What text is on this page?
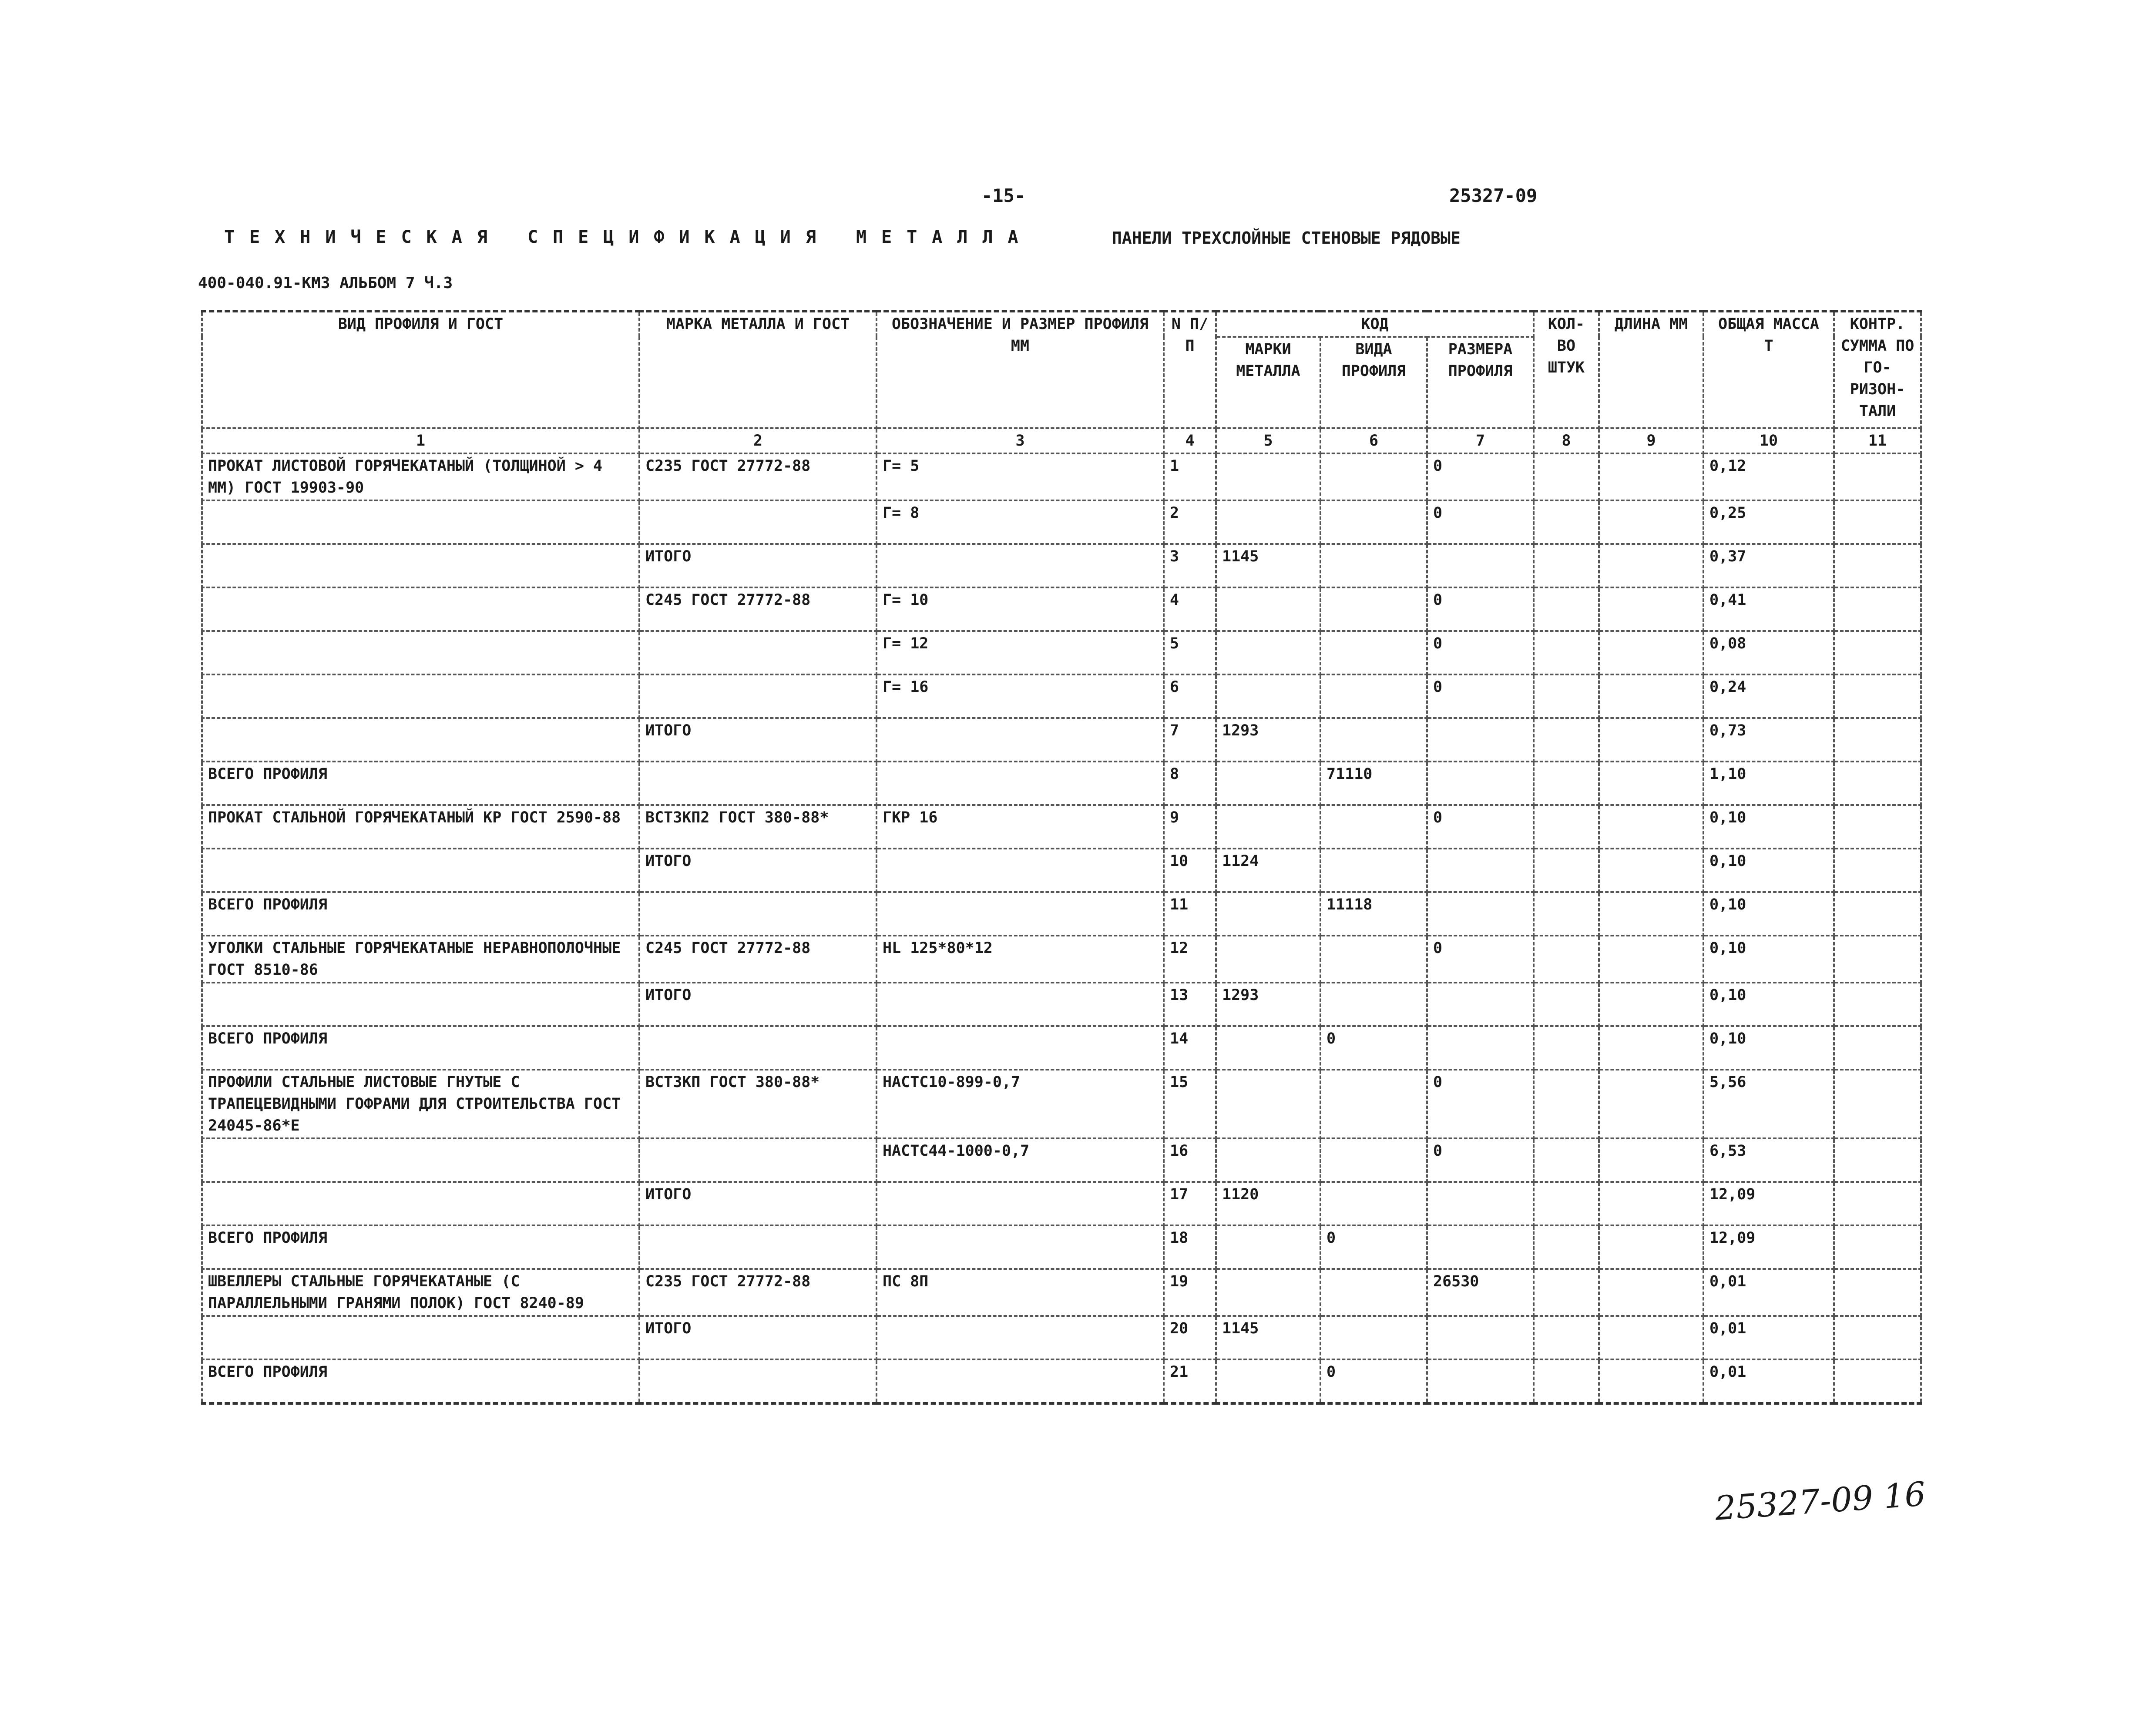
-15-	25327-09
ТЕХНИЧЕСКАЯ СПЕЦИФИКАЦИЯ МЕТАЛЛА	ПАНЕЛИ ТРЕХСЛОЙНЫЕ СТЕНОВЫЕ РЯДОВЫЕ
400-040.91-КМ3 АЛЬБОМ 7 Ч.3
ВИД ПРОФИЛЯ И ГОСТ	МАРКА МЕТАЛЛА И ГОСТ	ОБОЗНАЧЕНИЕ И РАЗМЕР ПРОФИЛЯ ММ	N П/П	КОД			КОЛ-ВО ШТУК	ДЛИНА ММ	ОБЩАЯ МАССА Т	КОНТР. СУММА ПО ГО-РИЗОН-ТАЛИ
				МАРКИ МЕТАЛЛА	ВИДА ПРОФИЛЯ	РАЗМЕРА ПРОФИЛЯ				
1	2	3	4	5	6	7	8	9	10	11
ПРОКАТ ЛИСТОВОЙ ГОРЯЧЕКАТАНЫЙ (ТОЛЩИНОЙ > 4 ММ) ГОСТ 19903-90	С235 ГОСТ 27772-88	Г= 5	1			0			0,12	
		Г= 8	2			0			0,25	
	ИТОГО		3	1145					0,37	
	С245 ГОСТ 27772-88	Г= 10	4			0			0,41	
		Г= 12	5			0			0,08	
		Г= 16	6			0			0,24	
	ИТОГО		7	1293					0,73	
ВСЕГО ПРОФИЛЯ			8		71110				1,10	
ПРОКАТ СТАЛЬНОЙ ГОРЯЧЕКАТАНЫЙ КР ГОСТ 2590-88	ВСТ3КП2 ГОСТ 380-88*	ГКР 16	9			0			0,10	
	ИТОГО		10	1124					0,10	
ВСЕГО ПРОФИЛЯ			11		11118				0,10	
УГОЛКИ СТАЛЬНЫЕ ГОРЯЧЕКАТАНЫЕ НЕРАВНОПОЛОЧНЫЕ ГОСТ 8510-86	С245 ГОСТ 27772-88	НL 125*80*12	12			0			0,10	
	ИТОГО		13	1293					0,10	
ВСЕГО ПРОФИЛЯ			14		0				0,10	
ПРОФИЛИ СТАЛЬНЫЕ ЛИСТОВЫЕ ГНУТЫЕ С ТРАПЕЦЕВИДНЫМИ ГОФРАМИ ДЛЯ СТРОИТЕЛЬСТВА ГОСТ 24045-86*Е	ВСТ3КП ГОСТ 380-88*	НАСТС10-899-0,7	15			0			5,56	
		НАСТС44-1000-0,7	16			0			6,53	
	ИТОГО		17	1120					12,09	
ВСЕГО ПРОФИЛЯ			18		0				12,09	
ШВЕЛЛЕРЫ СТАЛЬНЫЕ ГОРЯЧЕКАТАНЫЕ (С ПАРАЛЛЕЛЬНЫМИ ГРАНЯМИ ПОЛОК) ГОСТ 8240-89	С235 ГОСТ 27772-88	ПС 8П	19			26530			0,01	
	ИТОГО		20	1145					0,01	
ВСЕГО ПРОФИЛЯ			21		0				0,01	
25327-09 16
